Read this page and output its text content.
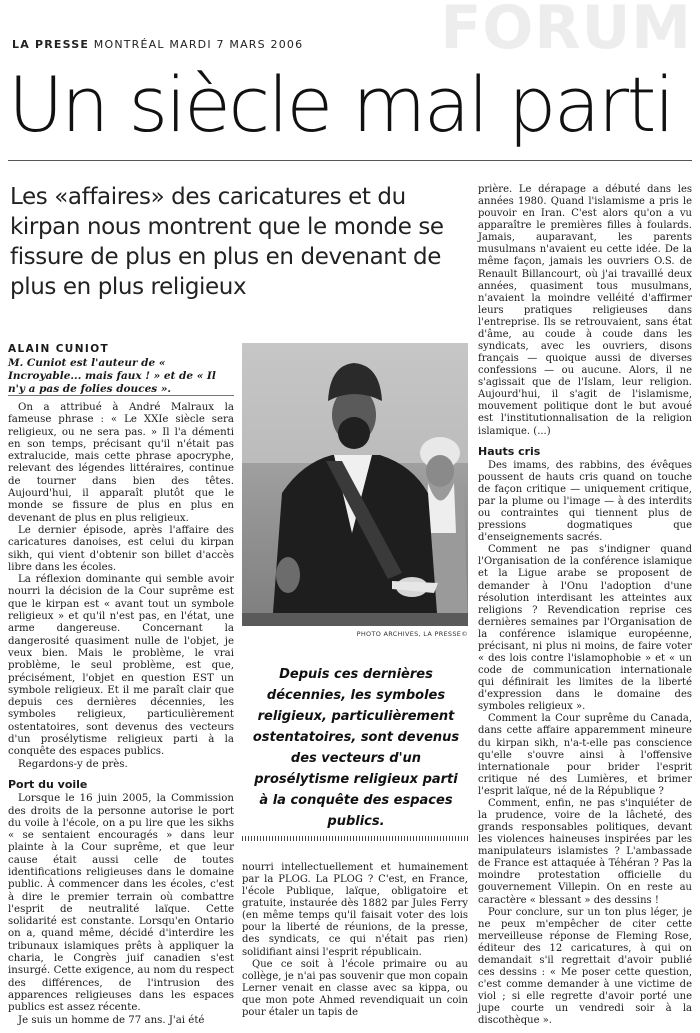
FORUM
LA PRESSE MONTRÉAL MARDI 7 MARS 2006
Un siècle mal parti
Les «affaires» des caricatures et du kirpan nous montrent que le monde se fissure de plus en plus en devenant de plus en plus religieux
ALAIN CUNIOT
M. Cuniot est l'auteur de « Incroyable... mais faux ! » et de « Il n'y a pas de folies douces ».

On a attribué à André Malraux la fameuse phrase : « Le XXIe siècle sera religieux, ou ne sera pas. » Il l'a démenti en son temps, précisant qu'il n'était pas extralucide, mais cette phrase apocryphe, relevant des légendes littéraires, continue de tourner dans bien des têtes. Aujourd'hui, il apparaît plutôt que le monde se fissure de plus en plus en devenant de plus en plus religieux.

Le dernier épisode, après l'affaire des caricatures danoises, est celui du kirpan sikh, qui vient d'obtenir son billet d'accès libre dans les écoles.

La réflexion dominante qui semble avoir nourri la décision de la Cour suprême est que le kirpan est « avant tout un symbole religieux » et qu'il n'est pas, en l'état, une arme dangereuse. Concernant la dangerosité quasiment nulle de l'objet, je veux bien. Mais le problème, le vrai problème, le seul problème, est que, précisément, l'objet en question EST un symbole religieux. Et il me paraît clair que depuis ces dernières décennies, les symboles religieux, particulièrement ostentatoires, sont devenus des vecteurs d'un prosélytisme religieux parti à la conquête des espaces publics.

Regardons-y de près.

Port du voile

Lorsque le 16 juin 2005, la Commission des droits de la personne autorise le port du voile à l'école, on a pu lire que les sikhs « se sentaient encouragés » dans leur plainte à la Cour suprême, et que leur cause était aussi celle de toutes identifications religieuses dans le domaine public. À commencer dans les écoles, c'est à dire le premier terrain où combattre l'esprit de neutralité laïque. Cette solidarité est constante. Lorsqu'en Ontario on a, quand même, décidé d'interdire les tribunaux islamiques prêts à appliquer la charia, le Congrès juif canadien s'est insurgé. Cette exigence, au nom du respect des différences, de l'intrusion des apparences religieuses dans les espaces publics est assez récente.

Je suis un homme de 77 ans. J'ai été

PHOTO ARCHIVES, LA PRESSE©
Depuis ces dernières décennies, les symboles religieux, particulièrement ostentatoires, sont devenus des vecteurs d'un prosélytisme religieux parti à la conquête des espaces publics.

nourri intellectuellement et humainement par la PLOG. La PLOG ? C'est, en France, l'école Publique, laïque, obligatoire et gratuite, instaurée dès 1882 par Jules Ferry (en même temps qu'il faisait voter des lois pour la liberté de réunions, de la presse, des syndicats, ce qui n'était pas rien) solidifiant ainsi l'esprit républicain.

Que ce soit à l'école primaire ou au collège, je n'ai pas souvenir que mon copain Lerner venait en classe avec sa kippa, ou que mon pote Ahmed revendiquait un coin pour étaler un tapis de

prière. Le dérapage a débuté dans les années 1980. Quand l'islamisme a pris le pouvoir en Iran. C'est alors qu'on a vu apparaître le premières filles à foulards. Jamais, auparavant, les parents musulmans n'avaient eu cette idée. De la même façon, jamais les ouvriers O.S. de Renault Billancourt, où j'ai travaillé deux années, quasiment tous musulmans, n'avaient la moindre velléité d'affirmer leurs pratiques religieuses dans l'entreprise. Ils se retrouvaient, sans état d'âme, au coude à coude dans les syndicats, avec les ouvriers, disons français — quoique aussi de diverses confessions — ou aucune. Alors, il ne s'agissait que de l'Islam, leur religion. Aujourd'hui, il s'agit de l'islamisme, mouvement politique dont le but avoué est l'institutionnalisation de la religion islamique. (...)

Hauts cris

Des imams, des rabbins, des évêques poussent de hauts cris quand on touche de façon critique — uniquement critique, par la plume ou l'image — à des interdits ou contraintes qui tiennent plus de pressions dogmatiques que d'enseignements sacrés.

Comment ne pas s'indigner quand l'Organisation de la conférence islamique et la Ligue arabe se proposent de demander à l'Onu l'adoption d'une résolution interdisant les atteintes aux religions ? Revendication reprise ces dernières semaines par l'Organisation de la conférence islamique européenne, précisant, ni plus ni moins, de faire voter « des lois contre l'islamophobie » et « un code de communication internationale qui définirait les limites de la liberté d'expression dans le domaine des symboles religieux ».

Comment la Cour suprême du Canada, dans cette affaire apparemment mineure du kirpan sikh, n'a-t-elle pas conscience qu'elle s'ouvre ainsi à l'offensive internationale pour brider l'esprit critique né des Lumières, et brimer l'esprit laïque, né de la République ?

Comment, enfin, ne pas s'inquiéter de la prudence, voire de la lâcheté, des grands responsables politiques, devant les violences haineuses inspirées par les manipulateurs islamistes ? L'ambassade de France est attaquée à Téhéran ? Pas la moindre protestation officielle du gouvernement Villepin. On en reste au caractère « blessant » des dessins !

Pour conclure, sur un ton plus léger, je ne peux m'empêcher de citer cette merveilleuse réponse de Fleming Rose, éditeur des 12 caricatures, à qui on demandait s'il regrettait d'avoir publié ces dessins : « Me poser cette question, c'est comme demander à une victime de viol ; si elle regrette d'avoir porté une jupe courte un vendredi soir à la discothèque ».
